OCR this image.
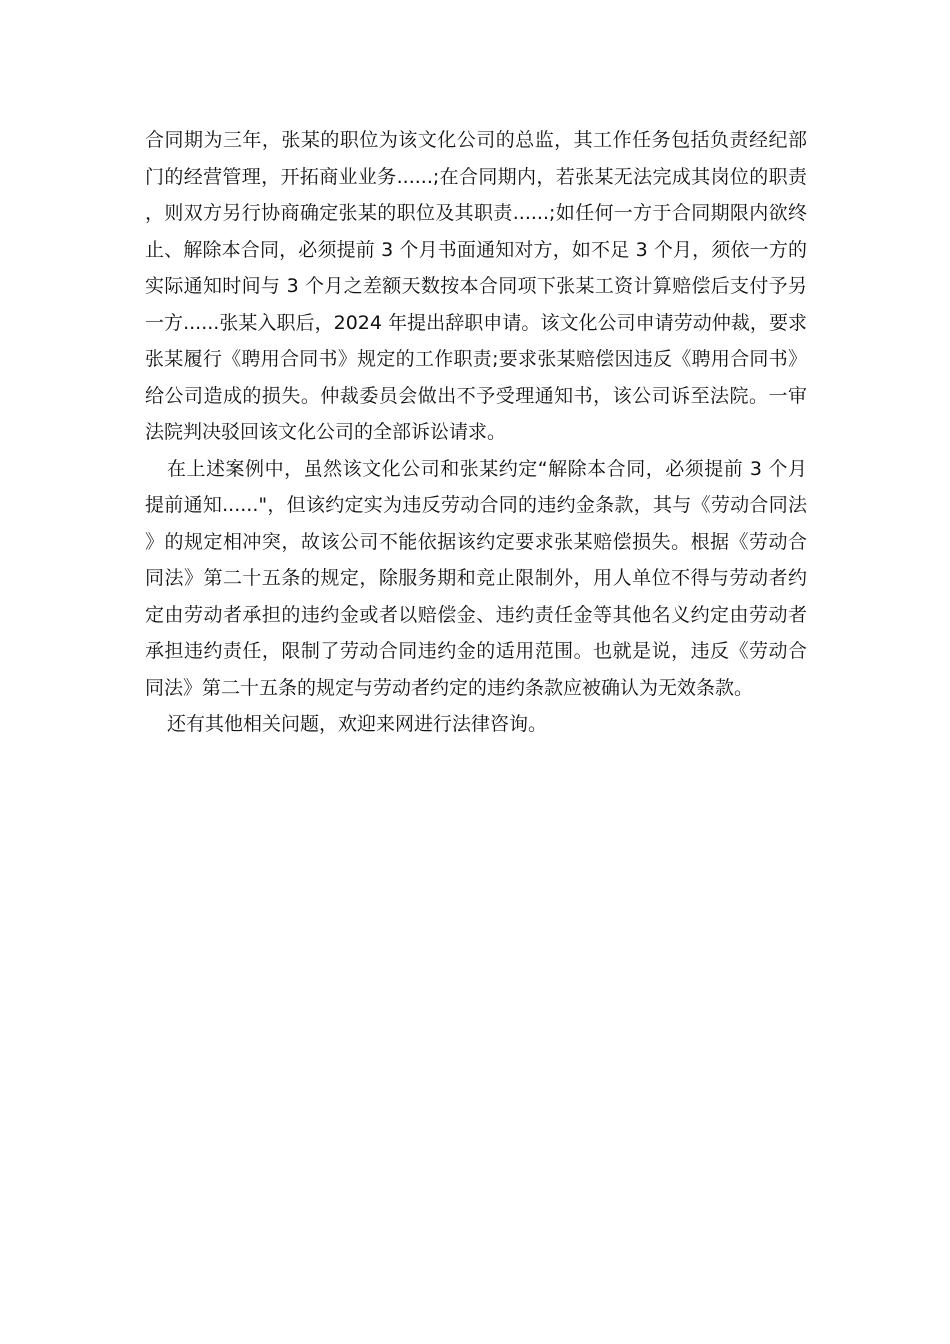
合同期为三年，张某的职位为该文化公司的总监，其工作任务包括负责经纪部门的经营管理，开拓商业业务......;在合同期内，若张某无法完成其岗位的职责，则双方另行协商确定张某的职位及其职责......;如任何一方于合同期限内欲终止、解除本合同，必须提前 3 个月书面通知对方，如不足 3 个月，须依一方的实际通知时间与 3 个月之差额天数按本合同项下张某工资计算赔偿后支付予另一方......张某入职后，2024 年提出辞职申请。该文化公司申请劳动仲裁，要求张某履行《聘用合同书》规定的工作职责;要求张某赔偿因违反《聘用合同书》给公司造成的损失。仲裁委员会做出不予受理通知书，该公司诉至法院。一审法院判决驳回该文化公司的全部诉讼请求。

在上述案例中，虽然该文化公司和张某约定“解除本合同，必须提前 3 个月提前通知......"，但该约定实为违反劳动合同的违约金条款，其与《劳动合同法》的规定相冲突，故该公司不能依据该约定要求张某赔偿损失。根据《劳动合同法》第二十五条的规定，除服务期和竞止限制外，用人单位不得与劳动者约定由劳动者承担的违约金或者以赔偿金、违约责任金等其他名义约定由劳动者承担违约责任，限制了劳动合同违约金的适用范围。也就是说，违反《劳动合同法》第二十五条的规定与劳动者约定的违约条款应被确认为无效条款。

还有其他相关问题，欢迎来网进行法律咨询。
